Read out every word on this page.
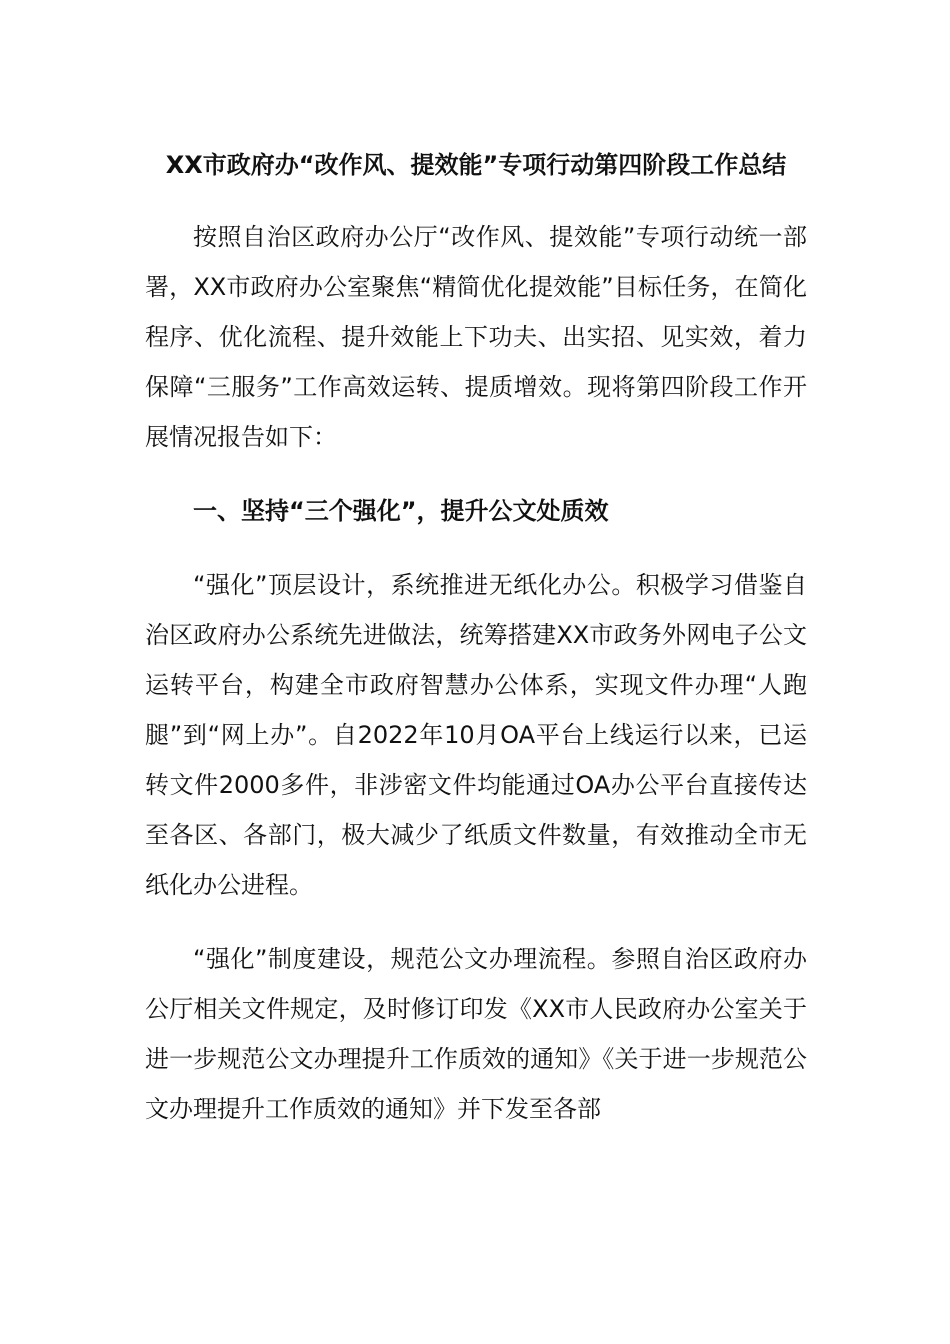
XX市政府办“改作风、提效能”专项行动第四阶段工作总结

按照自治区政府办公厅“改作风、提效能”专项行动统一部署，XX市政府办公室聚焦“精简优化提效能”目标任务，在简化程序、优化流程、提升效能上下功夫、出实招、见实效，着力保障“三服务”工作高效运转、提质增效。现将第四阶段工作开展情况报告如下：

一、坚持“三个强化”，提升公文处质效

“强化”顶层设计，系统推进无纸化办公。积极学习借鉴自治区政府办公系统先进做法，统筹搭建XX市政务外网电子公文运转平台，构建全市政府智慧办公体系，实现文件办理“人跑腿”到“网上办”。自2022年10月OA平台上线运行以来，已运转文件2000多件，非涉密文件均能通过OA办公平台直接传达至各区、各部门，极大减少了纸质文件数量，有效推动全市无纸化办公进程。

“强化”制度建设，规范公文办理流程。参照自治区政府办公厅相关文件规定，及时修订印发《XX市人民政府办公室关于进一步规范公文办理提升工作质效的通知》《关于进一步规范公文办理提升工作质效的通知》并下发至各部
